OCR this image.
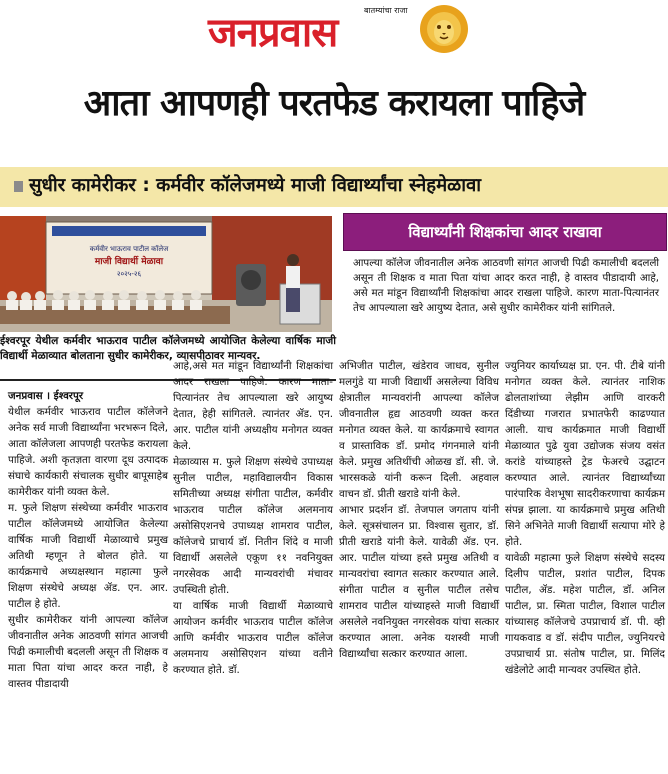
बातम्यांचा राजा
जनप्रवास
आता आपणही परतफेड करायला पाहिजे
सुधीर कामेरीकर : कर्मवीर कॉलेजमध्ये माजी विद्यार्थ्यांचा स्नेहमेळावा
कर्मवीर भाऊराव पाटील कॉलेज
माजी विद्यार्थी मेळावा
२०२५-२६
ईश्वरपूर येथील कर्मवीर भाऊराव पाटील कॉलेजमध्ये आयोजित केलेल्या वार्षिक माजी विद्यार्थी मेळाव्यात बोलताना सुधीर कामेरीकर, व्यासपीठावर मान्यवर.
विद्यार्थ्यांनी शिक्षकांचा आदर राखावा
आपल्या कॉलेज जीवनातील अनेक आठवणी सांगत आजची पिढी कमालीची बदलली असून ती शिक्षक व माता पिता यांचा आदर करत नाही, हे वास्तव पीडादायी आहे, असे मत मांडून विद्यार्थ्यांनी शिक्षकांचा आदर राखला पाहिजे. कारण माता-पित्यानंतर तेच आपल्याला खरे आयुष्य देतात, असे सुधीर कामेरीकर यांनी सांगितले.

जनप्रवास । ईश्वरपूर

येथील कर्मवीर भाऊराव पाटील कॉलेजने अनेक सर्व माजी विद्यार्थ्यांना भरभरून दिले, आता कॉलेजला आपणही परतफेड करायला पाहिजे. अशी कृतज्ञता वारणा दूध उत्पादक संघाचे कार्यकारी संचालक सुधीर बापूसाहेब कामेरीकर यांनी व्यक्त केले.

म. फुले शिक्षण संस्थेच्या कर्मवीर भाऊराव पाटील कॉलेजमध्ये आयोजित केलेल्या वार्षिक माजी विद्यार्थी मेळाव्याचे प्रमुख अतिथी म्हणून ते बोलत होते. या कार्यक्रमाचे अध्यक्षस्थान महात्मा फुले शिक्षण संस्थेचे अध्यक्ष ॲड. एन. आर. पाटील हे होते.

सुधीर कामेरीकर यांनी आपल्या कॉलेज जीवनातील अनेक आठवणी सांगत आजची पिढी कमालीची बदलली असून ती शिक्षक व माता पिता यांचा आदर करत नाही, हे वास्तव पीडादायी

आहे,असे मत मांडून विद्यार्थ्यांनी शिक्षकांचा आदर राखला पाहिजे. कारण माता-पित्यानंतर तेच आपल्याला खरे आयुष्य देतात, हेही सांगितले. त्यानंतर ॲड. एन. आर. पाटील यांनी अध्यक्षीय मनोगत व्यक्त केले.

मेळाव्यास म. फुले शिक्षण संस्थेचे उपाध्यक्ष सुनील पाटील, महाविद्यालयीन विकास समितीच्या अध्यक्ष संगीता पाटील, कर्मवीर भाऊराव पाटील कॉलेज अलमनाय असोसिएशनचे उपाध्यक्ष शामराव पाटील, कॉलेजचे प्राचार्य डॉ. नितीन शिंदे व माजी विद्यार्थी असलेले एकूण ११ नवनियुक्त नगरसेवक आदी मान्यवरांची मंचावर उपस्थिती होती.

या वार्षिक माजी विद्यार्थी मेळाव्याचे आयोजन कर्मवीर भाऊराव पाटील कॉलेज आणि कर्मवीर भाऊराव पाटील कॉलेज अलमनाय असोसिएशन यांच्या वतीने करण्यात होते. डॉ.

अभिजीत पाटील, खंडेराव जाधव, सुनील मलगुंडे या माजी विद्यार्थी असलेल्या विविध क्षेत्रातील मान्यवरांनी आपल्या कॉलेज जीवनातील हृद्य आठवणी व्यक्त करत मनोगत व्यक्त केले. या कार्यक्रमाचे स्वागत व प्रास्ताविक डॉ. प्रमोद गंगनमाले यांनी केले. प्रमुख अतिथींची ओळख डॉ. सी. जे. भारसकळे यांनी करून दिली. अहवाल वाचन डॉ. प्रीती खराडे यांनी केले.

आभार प्रदर्शन डॉ. तेजपाल जगताप यांनी केले. सूत्रसंचालन प्रा. विश्वास सुतार, डॉ. प्रीती खराडे यांनी केले. यावेळी ॲड. एन. आर. पाटील यांच्या हस्ते प्रमुख अतिथी व मान्यवरांचा स्वागत सत्कार करण्यात आले. संगीता पाटील व सुनील पाटील तसेच शामराव पाटील यांच्याहस्ते माजी विद्यार्थी असलेले नवनियुक्त नगरसेवक यांचा सत्कार करण्यात आला. अनेक यशस्वी माजी विद्यार्थ्यांचा सत्कार करण्यात आला.

ज्युनियर कार्याध्यक्ष प्रा. एन. पी. टीबे यांनी मनोगत व्यक्त केले. त्यानंतर नाशिक ढोलताशांच्या लेझीम आणि वारकरी दिंडीच्या गजरात प्रभातफेरी काढण्यात आली. याच कार्यक्रमात माजी विद्यार्थी मेळाव्यात पुढे युवा उद्योजक संजय वसंत करांडे यांच्याहस्ते ट्रेड फेअरचे उद्घाटन करण्यात आले. त्यानंतर विद्यार्थ्यांच्या पारंपारिक वेशभूषा सादरीकरणाचा कार्यक्रम संपन्न झाला. या कार्यक्रमाचे प्रमुख अतिथी सिने अभिनेते माजी विद्यार्थी सत्यापा मोरे हे होते.

यावेळी महात्मा फुले शिक्षण संस्थेचे सदस्य दिलीप पाटील, प्रशांत पाटील, दिपक पाटील, ॲड. महेश पाटील, डॉ. अनिल पाटील, प्रा. स्मिता पाटील, विशाल पाटील यांच्यासह कॉलेजचे उपप्राचार्य डॉ. पी. व्ही गायकवाड व डॉ. संदीप पाटील, ज्युनियरचे उपप्राचार्य प्रा. संतोष पाटील, प्रा. मिलिंद खंडेलोटे आदी मान्यवर उपस्थित होते.
